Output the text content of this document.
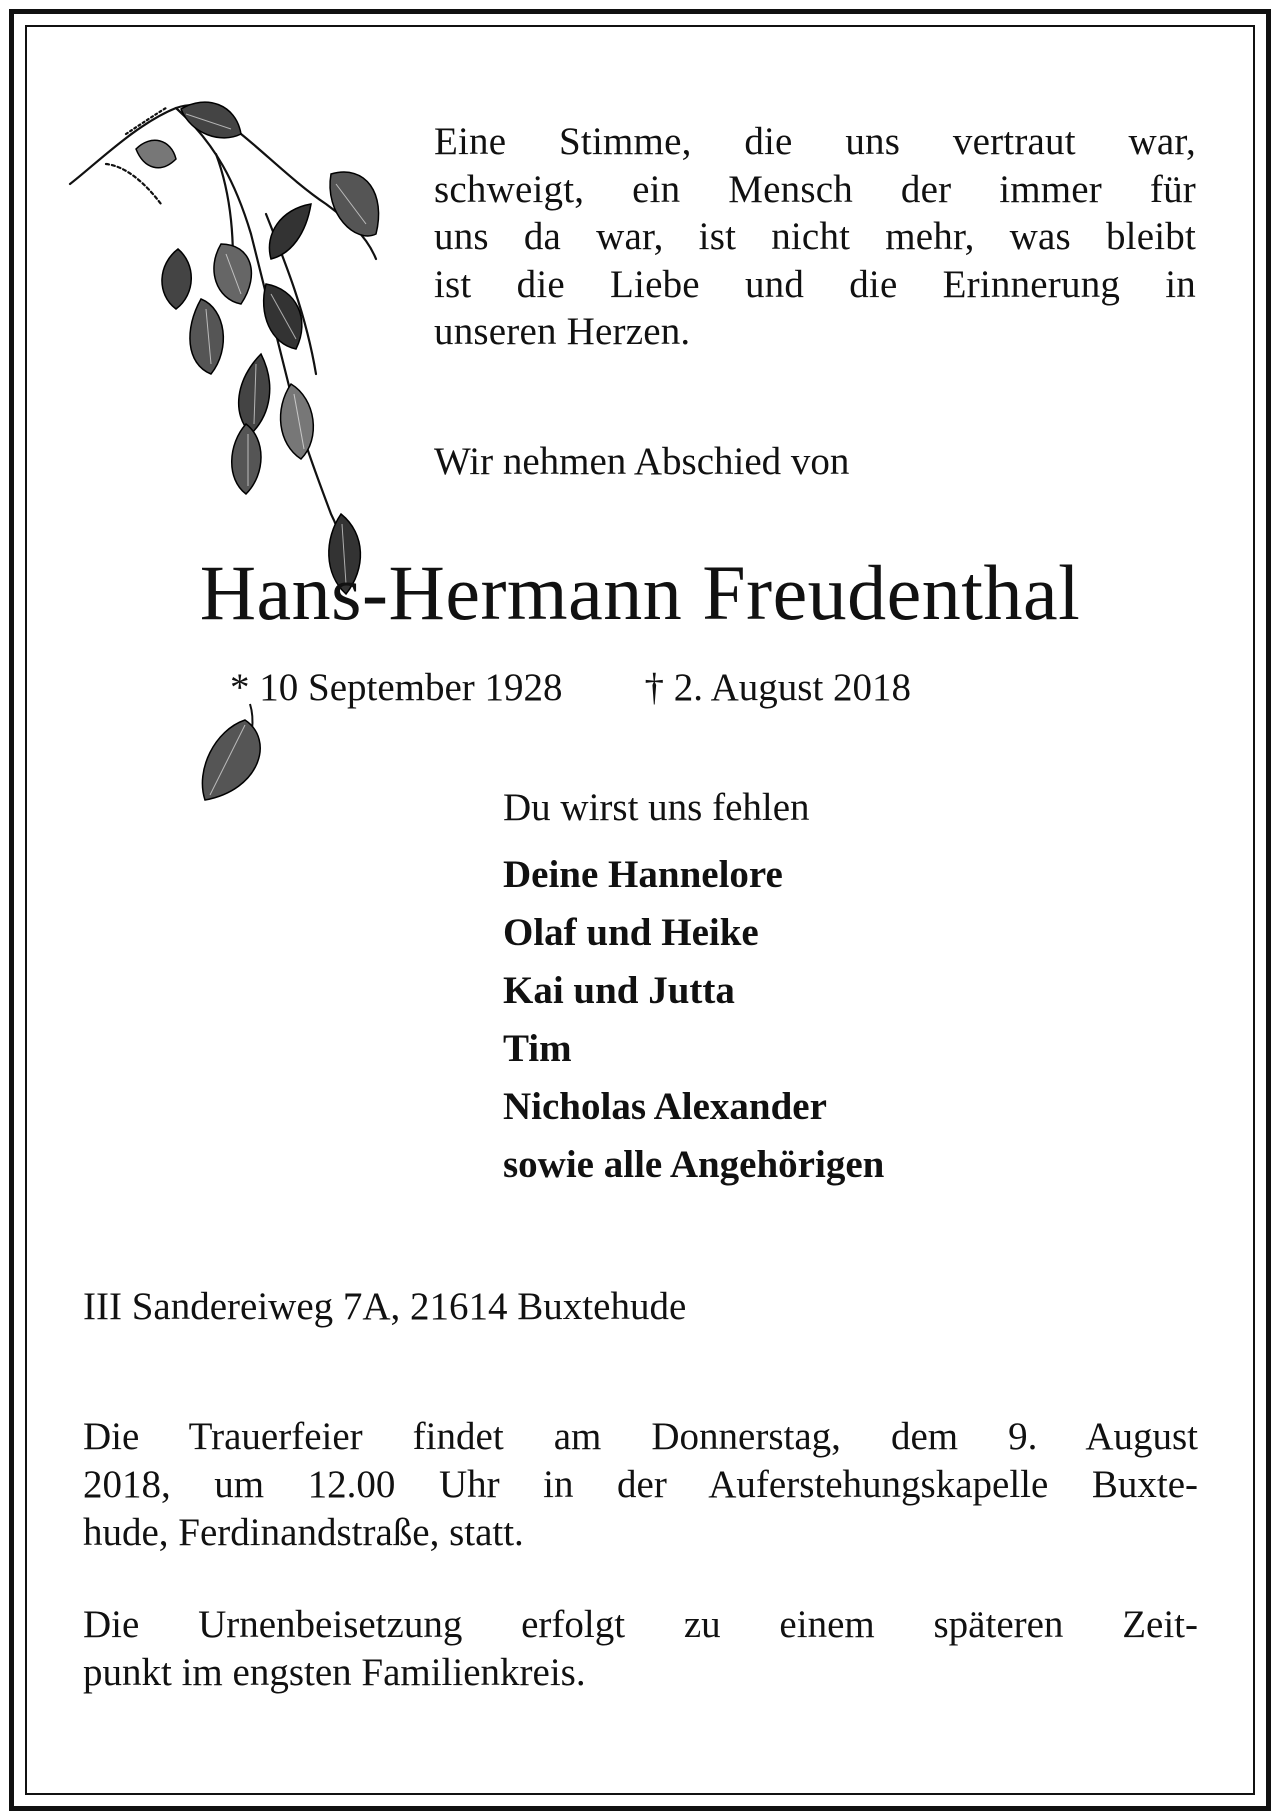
Eine Stimme, die uns vertraut war,
schweigt, ein Mensch der immer für
uns da war, ist nicht mehr, was bleibt
ist die Liebe und die Erinnerung in
unseren Herzen.
Wir nehmen Abschied von
Hans-Hermann Freudenthal
* 10 September 1928 † 2. August 2018
Du wirst uns fehlen
Deine Hannelore
Olaf und Heike
Kai und Jutta
Tim
Nicholas Alexander
sowie alle Angehörigen
III Sandereiweg 7A, 21614 Buxtehude
Die Trauerfeier findet am Donnerstag, dem 9. August
2018, um 12.00 Uhr in der Auferstehungskapelle Buxte-
hude, Ferdinandstraße, statt.
Die Urnenbeisetzung erfolgt zu einem späteren Zeit-
punkt im engsten Familienkreis.
